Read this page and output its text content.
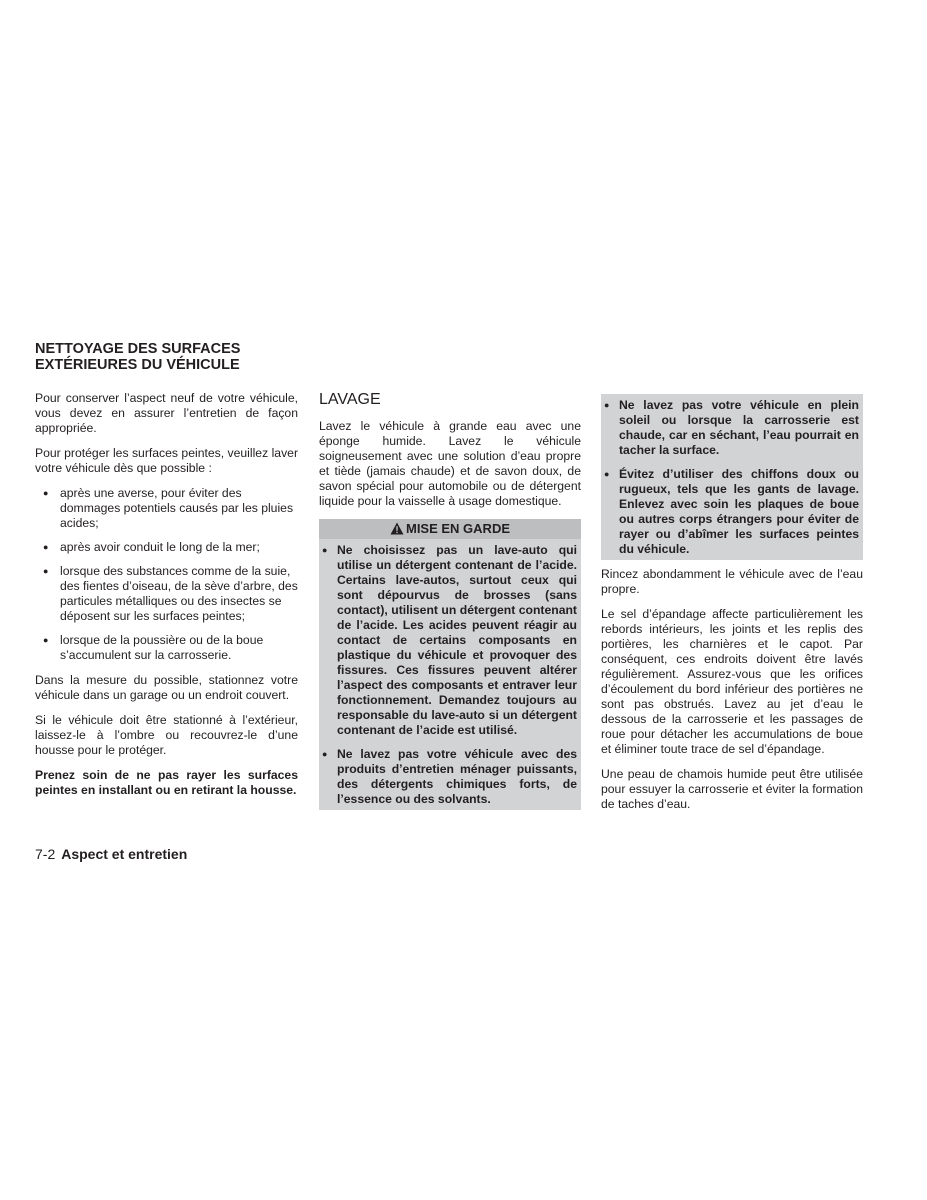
NETTOYAGE DES SURFACES
EXTÉRIEURES DU VÉHICULE

Pour conserver l’aspect neuf de votre véhicule, vous devez en assurer l’entretien de façon appropriée.

Pour protéger les surfaces peintes, veuillez laver votre véhicule dès que possible :

● après une averse, pour éviter des dommages potentiels causés par les pluies acides;
● après avoir conduit le long de la mer;
● lorsque des substances comme de la suie, des fientes d’oiseau, de la sève d’arbre, des particules métalliques ou des insectes se déposent sur les surfaces peintes;
● lorsque de la poussière ou de la boue s’accumulent sur la carrosserie.

Dans la mesure du possible, stationnez votre véhicule dans un garage ou un endroit couvert.

Si le véhicule doit être stationné à l’extérieur, laissez-le à l’ombre ou recouvrez-le d’une housse pour le protéger.

Prenez soin de ne pas rayer les surfaces peintes en installant ou en retirant la housse.

LAVAGE

Lavez le véhicule à grande eau avec une éponge humide. Lavez le véhicule soigneusement avec une solution d’eau propre et tiède (jamais chaude) et de savon doux, de savon spécial pour automobile ou de détergent liquide pour la vaisselle à usage domestique.

MISE EN GARDE
● Ne choisissez pas un lave-auto qui utilise un détergent contenant de l’acide. Certains lave-autos, surtout ceux qui sont dépourvus de brosses (sans contact), utilisent un détergent contenant de l’acide. Les acides peuvent réagir au contact de certains composants en plastique du véhicule et provoquer des fissures. Ces fissures peuvent altérer l’aspect des composants et entraver leur fonctionnement. Demandez toujours au responsable du lave-auto si un détergent contenant de l’acide est utilisé.
● Ne lavez pas votre véhicule avec des produits d’entretien ménager puissants, des détergents chimiques forts, de l’essence ou des solvants.
● Ne lavez pas votre véhicule en plein soleil ou lorsque la carrosserie est chaude, car en séchant, l’eau pourrait en tacher la surface.
● Évitez d’utiliser des chiffons doux ou rugueux, tels que les gants de lavage. Enlevez avec soin les plaques de boue ou autres corps étrangers pour éviter de rayer ou d’abîmer les surfaces peintes du véhicule.

Rincez abondamment le véhicule avec de l’eau propre.

Le sel d’épandage affecte particulièrement les rebords intérieurs, les joints et les replis des portières, les charnières et le capot. Par conséquent, ces endroits doivent être lavés régulièrement. Assurez-vous que les orifices d’écoulement du bord inférieur des portières ne sont pas obstrués. Lavez au jet d’eau le dessous de la carrosserie et les passages de roue pour détacher les accumulations de boue et éliminer toute trace de sel d’épandage.

Une peau de chamois humide peut être utilisée pour essuyer la carrosserie et éviter la formation de taches d’eau.

7-2 Aspect et entretien
